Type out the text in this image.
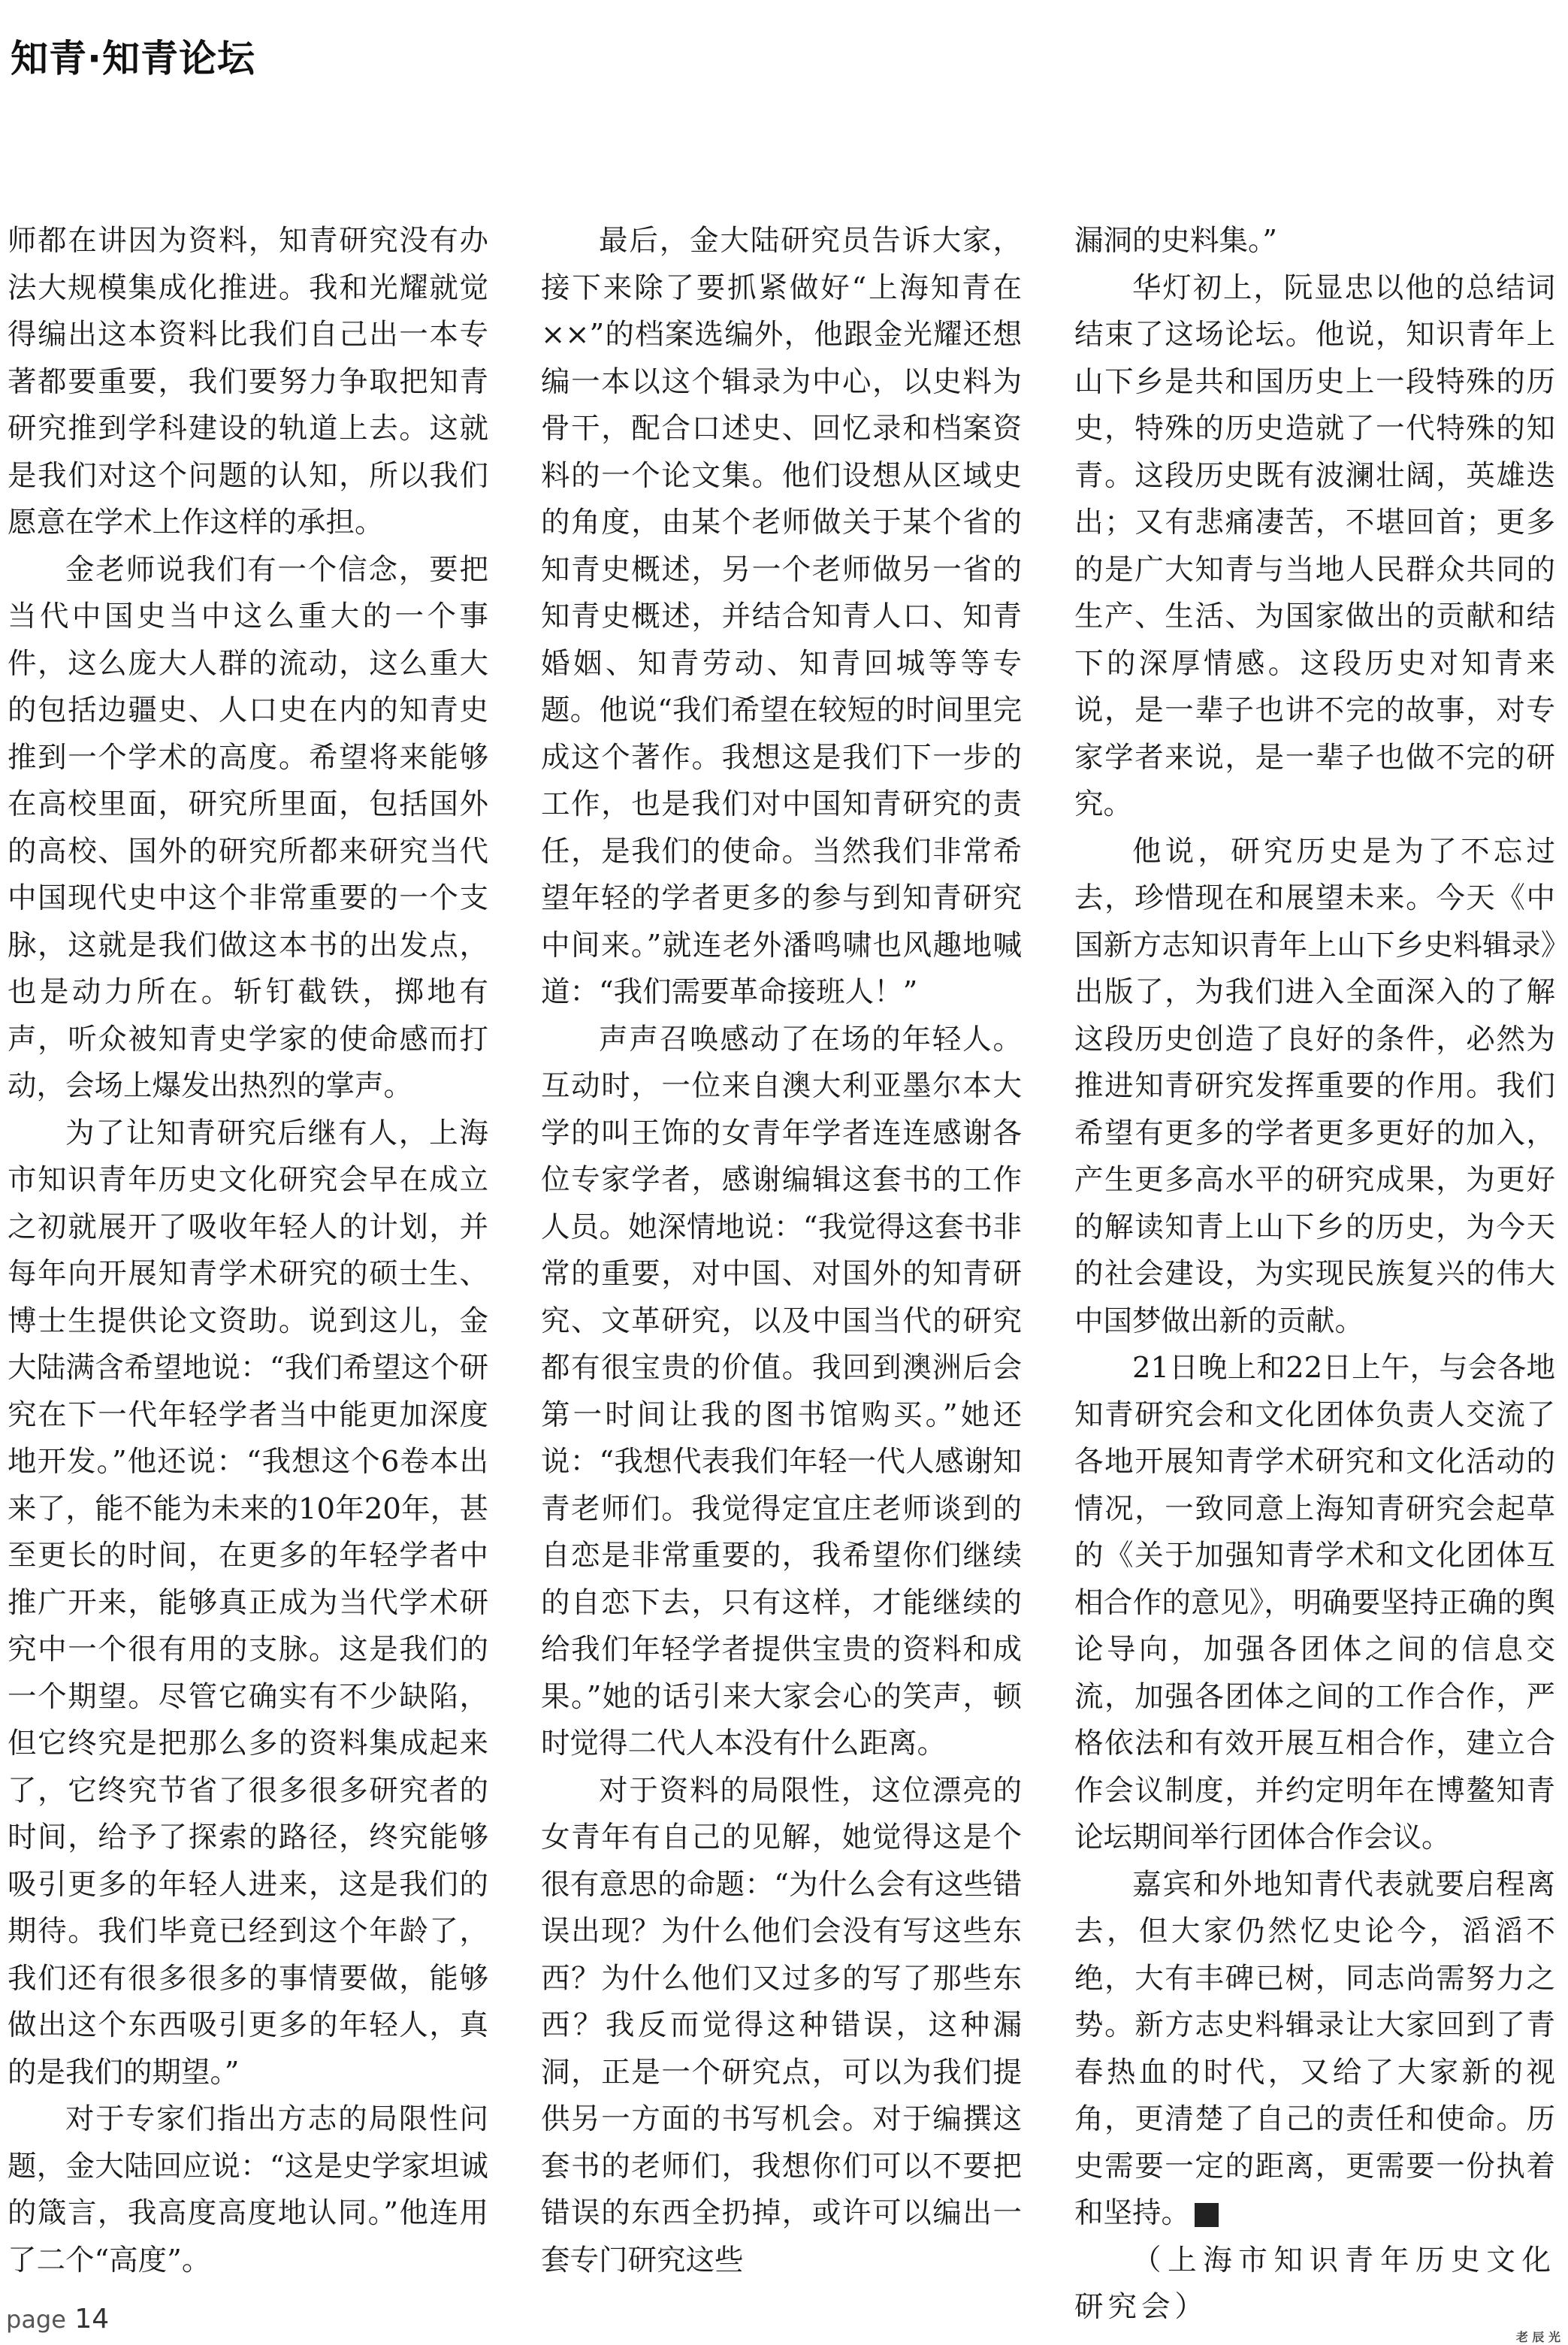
知青·知青论坛

师都在讲因为资料，知青研究没有办法大规模集成化推进。我和光耀就觉得编出这本资料比我们自己出一本专著都要重要，我们要努力争取把知青研究推到学科建设的轨道上去。这就是我们对这个问题的认知，所以我们愿意在学术上作这样的承担。

金老师说我们有一个信念，要把当代中国史当中这么重大的一个事件，这么庞大人群的流动，这么重大的包括边疆史、人口史在内的知青史推到一个学术的高度。希望将来能够在高校里面，研究所里面，包括国外的高校、国外的研究所都来研究当代中国现代史中这个非常重要的一个支脉，这就是我们做这本书的出发点，也是动力所在。斩钉截铁，掷地有声，听众被知青史学家的使命感而打动，会场上爆发出热烈的掌声。

为了让知青研究后继有人，上海市知识青年历史文化研究会早在成立之初就展开了吸收年轻人的计划，并每年向开展知青学术研究的硕士生、博士生提供论文资助。说到这儿，金大陆满含希望地说：“我们希望这个研究在下一代年轻学者当中能更加深度地开发。”他还说：“我想这个6卷本出来了，能不能为未来的10年20年，甚至更长的时间，在更多的年轻学者中推广开来，能够真正成为当代学术研究中一个很有用的支脉。这是我们的一个期望。尽管它确实有不少缺陷，但它终究是把那么多的资料集成起来了，它终究节省了很多很多研究者的时间，给予了探索的路径，终究能够吸引更多的年轻人进来，这是我们的期待。我们毕竟已经到这个年龄了，我们还有很多很多的事情要做，能够做出这个东西吸引更多的年轻人，真的是我们的期望。”

对于专家们指出方志的局限性问题，金大陆回应说：“这是史学家坦诚的箴言，我高度高度地认同。”他连用了二个“高度”。

最后，金大陆研究员告诉大家，接下来除了要抓紧做好“上海知青在××”的档案选编外，他跟金光耀还想编一本以这个辑录为中心，以史料为骨干，配合口述史、回忆录和档案资料的一个论文集。他们设想从区域史的角度，由某个老师做关于某个省的知青史概述，另一个老师做另一省的知青史概述，并结合知青人口、知青婚姻、知青劳动、知青回城等等专题。他说“我们希望在较短的时间里完成这个著作。我想这是我们下一步的工作，也是我们对中国知青研究的责任，是我们的使命。当然我们非常希望年轻的学者更多的参与到知青研究中间来。”就连老外潘鸣啸也风趣地喊道：“我们需要革命接班人！”

声声召唤感动了在场的年轻人。互动时，一位来自澳大利亚墨尔本大学的叫王饰的女青年学者连连感谢各位专家学者，感谢编辑这套书的工作人员。她深情地说：“我觉得这套书非常的重要，对中国、对国外的知青研究、文革研究，以及中国当代的研究都有很宝贵的价值。我回到澳洲后会第一时间让我的图书馆购买。”她还说：“我想代表我们年轻一代人感谢知青老师们。我觉得定宜庄老师谈到的自恋是非常重要的，我希望你们继续的自恋下去，只有这样，才能继续的给我们年轻学者提供宝贵的资料和成果。”她的话引来大家会心的笑声，顿时觉得二代人本没有什么距离。

对于资料的局限性，这位漂亮的女青年有自己的见解，她觉得这是个很有意思的命题：“为什么会有这些错误出现？为什么他们会没有写这些东西？为什么他们又过多的写了那些东西？我反而觉得这种错误，这种漏洞，正是一个研究点，可以为我们提供另一方面的书写机会。对于编撰这套书的老师们，我想你们可以不要把错误的东西全扔掉，或许可以编出一套专门研究这些

漏洞的史料集。”

华灯初上，阮显忠以他的总结词结束了这场论坛。他说，知识青年上山下乡是共和国历史上一段特殊的历史，特殊的历史造就了一代特殊的知青。这段历史既有波澜壮阔，英雄迭出；又有悲痛凄苦，不堪回首；更多的是广大知青与当地人民群众共同的生产、生活、为国家做出的贡献和结下的深厚情感。这段历史对知青来说，是一辈子也讲不完的故事，对专家学者来说，是一辈子也做不完的研究。

他说，研究历史是为了不忘过去，珍惜现在和展望未来。今天《中国新方志知识青年上山下乡史料辑录》出版了，为我们进入全面深入的了解这段历史创造了良好的条件，必然为推进知青研究发挥重要的作用。我们希望有更多的学者更多更好的加入，产生更多高水平的研究成果，为更好的解读知青上山下乡的历史，为今天的社会建设，为实现民族复兴的伟大中国梦做出新的贡献。

21日晚上和22日上午，与会各地知青研究会和文化团体负责人交流了各地开展知青学术研究和文化活动的情况，一致同意上海知青研究会起草的《关于加强知青学术和文化团体互相合作的意见》，明确要坚持正确的舆论导向，加强各团体之间的信息交流，加强各团体之间的工作合作，严格依法和有效开展互相合作，建立合作会议制度，并约定明年在博鳌知青论坛期间举行团体合作会议。

嘉宾和外地知青代表就要启程离去，但大家仍然忆史论今，滔滔不绝，大有丰碑已树，同志尚需努力之势。新方志史料辑录让大家回到了青春热血的时代，又给了大家新的视角，更清楚了自己的责任和使命。历史需要一定的距离，更需要一份执着和坚持。	Z

（上海市知识青年历史文化研究会）

page 14
老 辰 光
